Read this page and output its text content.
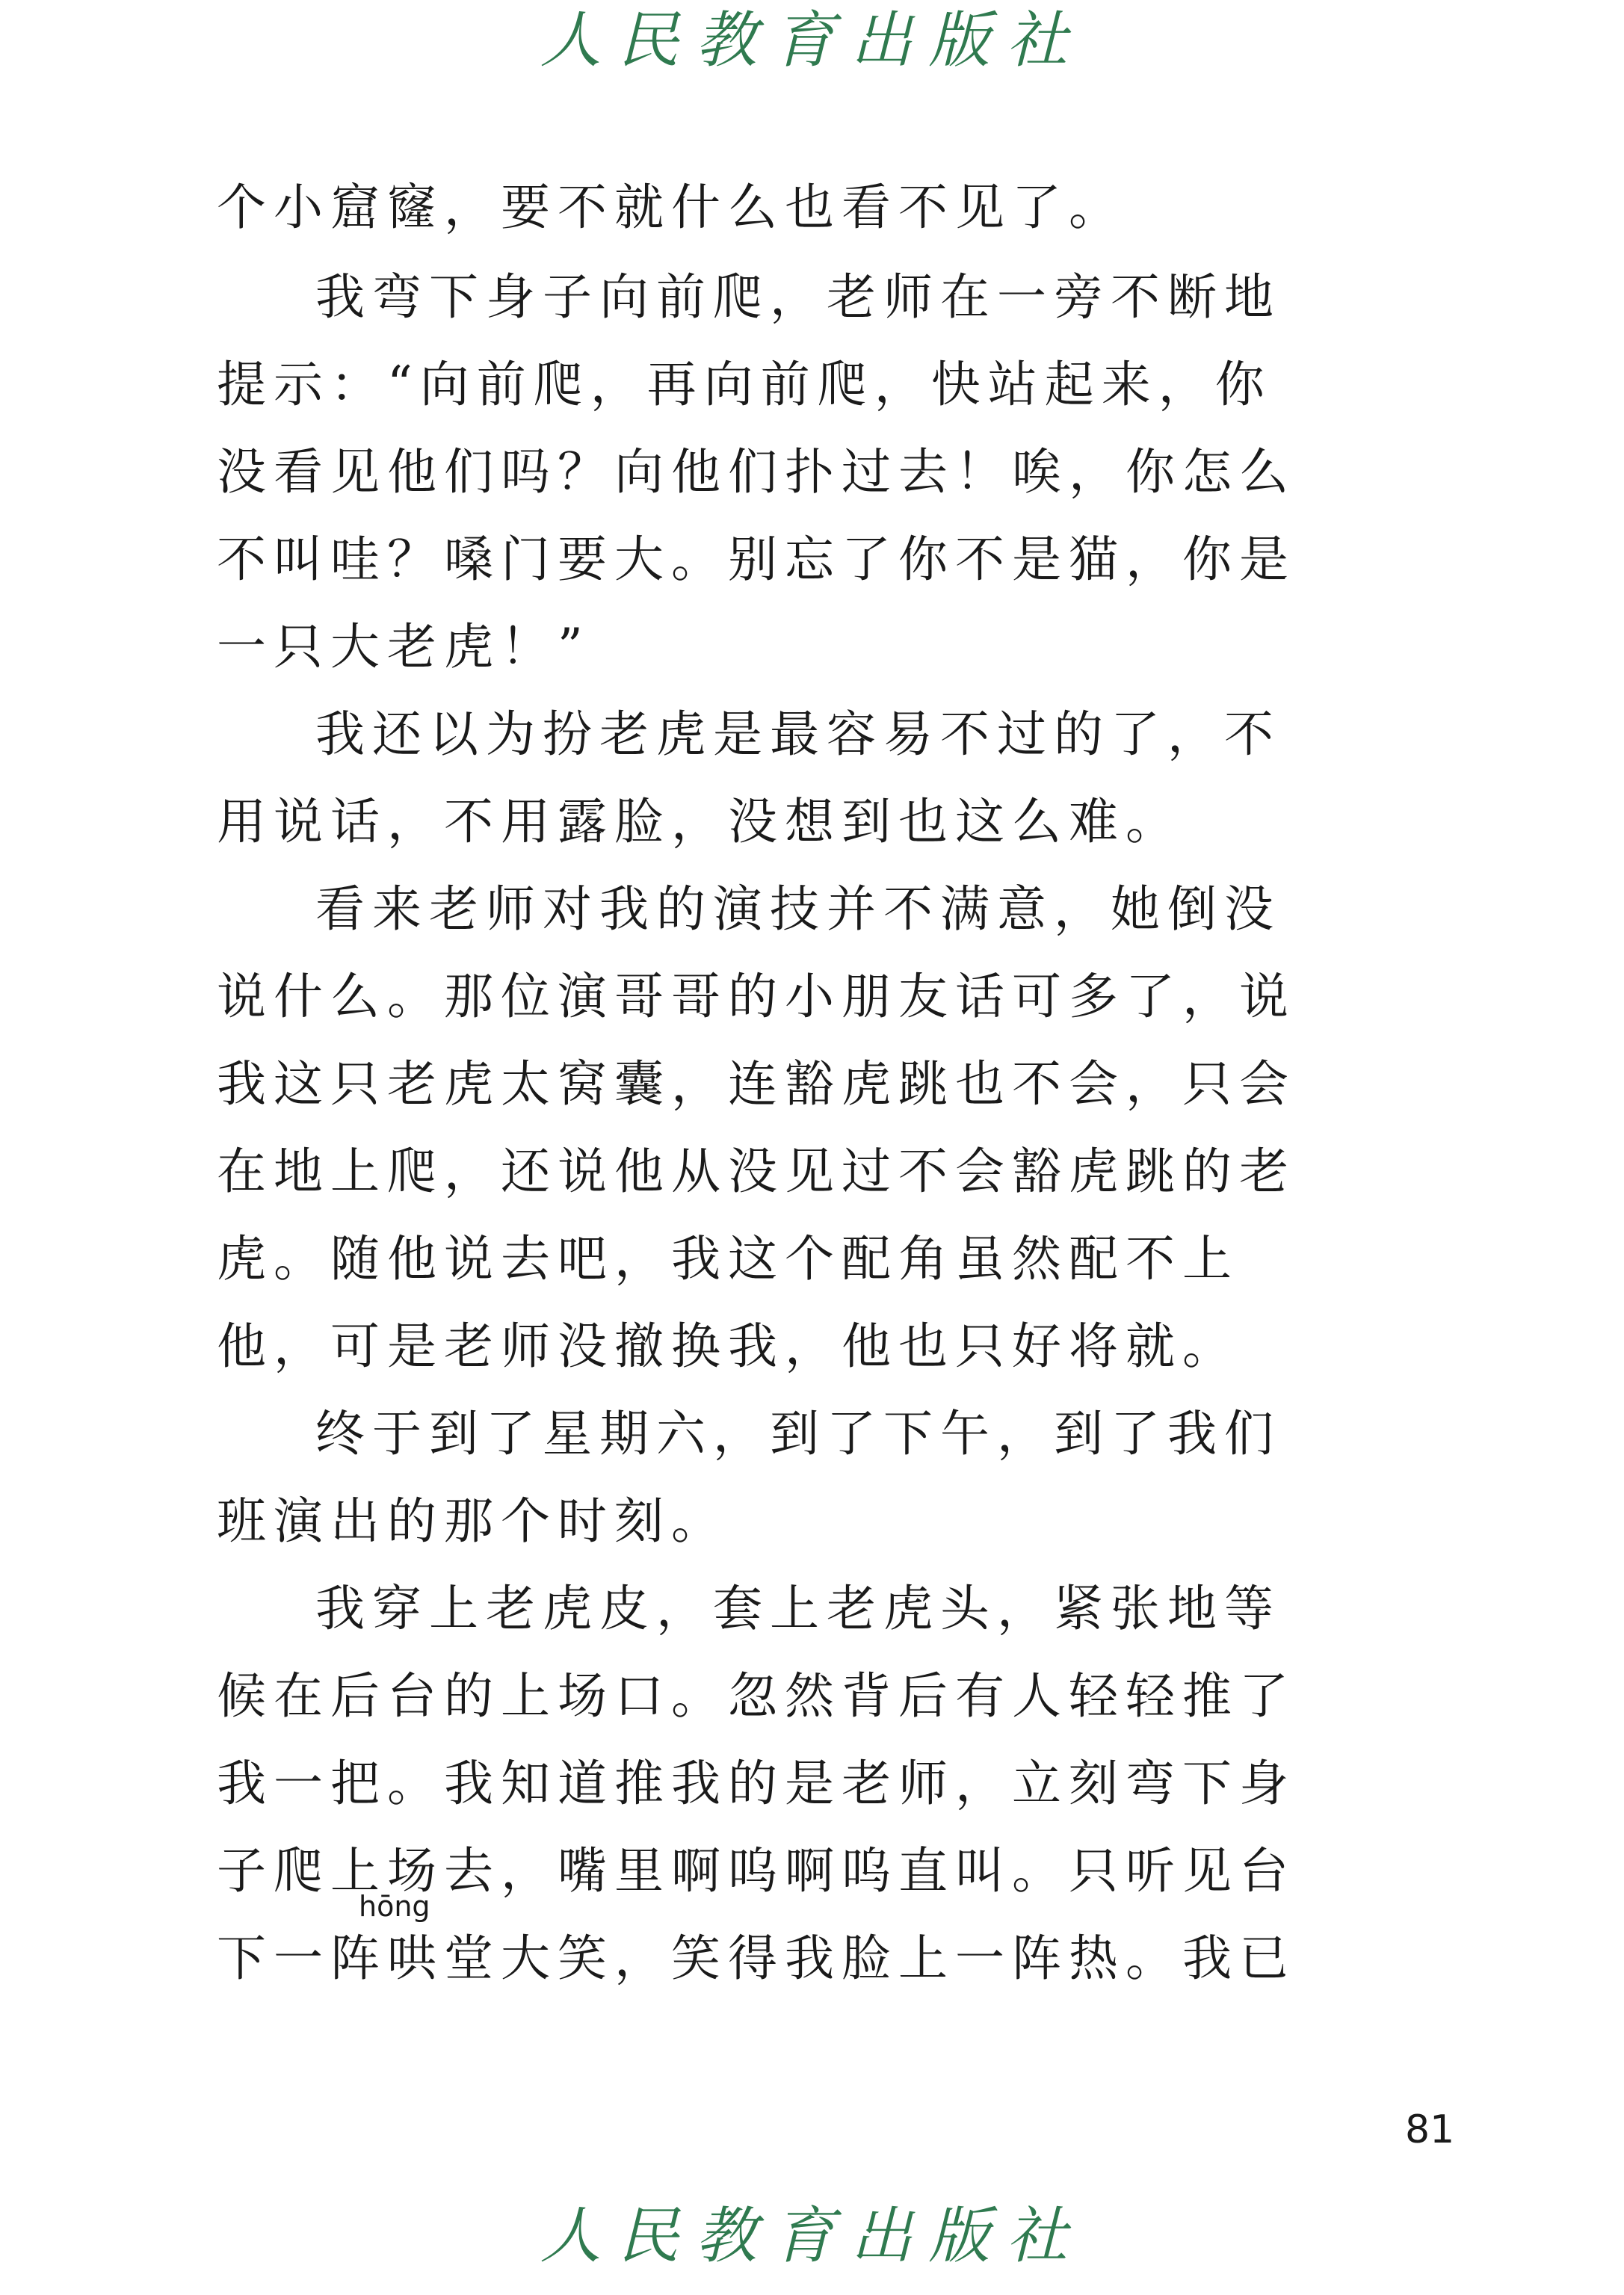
人民教育出版社
个小窟窿，要不就什么也看不见了。
我弯下身子向前爬，老师在一旁不断地
提示：“向前爬，再向前爬，快站起来，你
没看见他们吗？向他们扑过去！唉，你怎么
不叫哇？嗓门要大。别忘了你不是猫，你是
一只大老虎！”
我还以为扮老虎是最容易不过的了，不
用说话，不用露脸，没想到也这么难。
看来老师对我的演技并不满意，她倒没
说什么。那位演哥哥的小朋友话可多了，说
我这只老虎太窝囊，连豁虎跳也不会，只会
在地上爬，还说他从没见过不会豁虎跳的老
虎。随他说去吧，我这个配角虽然配不上
他，可是老师没撤换我，他也只好将就。
终于到了星期六，到了下午，到了我们
班演出的那个时刻。
我穿上老虎皮，套上老虎头，紧张地等
候在后台的上场口。忽然背后有人轻轻推了
我一把。我知道推我的是老师，立刻弯下身
子爬上场去，嘴里啊呜啊呜直叫。只听见台
hōng
下一阵哄堂大笑，笑得我脸上一阵热。我已
81
人民教育出版社
